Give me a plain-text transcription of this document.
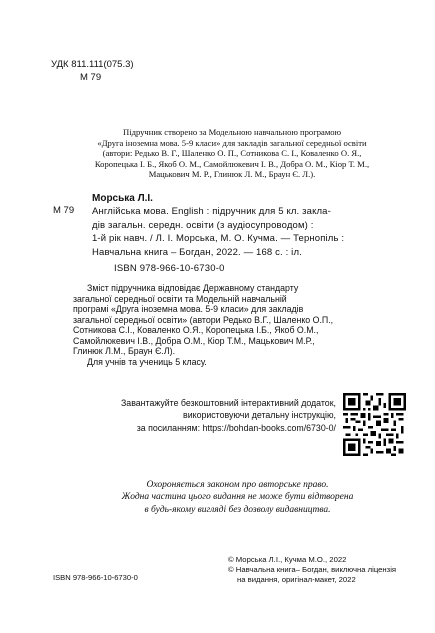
УДК 811.111(075.3)
М 79
Підручник створено за Модельною навчальною програмою
«Друга іноземна мова. 5-9 класи» для закладів загальної середньої освіти
(автори: Редько В. Г., Шаленко О. П., Сотникова С. І., Коваленко О. Я.,
Коропецька І. Б., Якоб О. М., Самойлюкевич І. В., Добра О. М., Кіор Т. М.,
Мацькович М. Р., Глинюк Л. М., Браун Є. Л.).
Морська Л.І.
М 79 Англійська мова. English : підручник для 5 кл. закла-
дів загальн. середн. освіти (з аудіосупроводом) :
1-й рік навч. / Л. І. Морська, М. О. Кучма. — Тернопіль :
Навчальна книга – Богдан, 2022. — 168 с. : іл.
ISBN 978-966-10-6730-0

Зміст підручника відповідає Державному стандарту

загальної середньої освіти та Модельній навчальній
програмі «Друга іноземна мова. 5-9 класи» для закладів
загальної середньої освіти» (автори Редько В.Г., Шаленко О.П.,
Сотникова С.І., Коваленко О.Я., Коропецька І.Б., Якоб О.М.,
Самойлюкевич І.В., Добра О.М., Кіор Т.М., Мацькович М.Р.,
Глинюк Л.М., Браун Є.Л).
Для учнів та учениць 5 класу.
Завантажуйте безкоштовний інтерактивний додаток,
використовуючи детальну інструкцію,
за посиланням: https://bohdan-books.com/6730-0/
Охороняється законом про авторське право.
Жодна частина цього видання не може бути відтворена
в будь-якому вигляді без дозволу видавництва.
ISBN 978-966-10-6730-0
© Морська Л.І., Кучма М.О., 2022
© Навчальна книга– Богдан, виключна ліцензія
на видання, оригінал-макет, 2022
